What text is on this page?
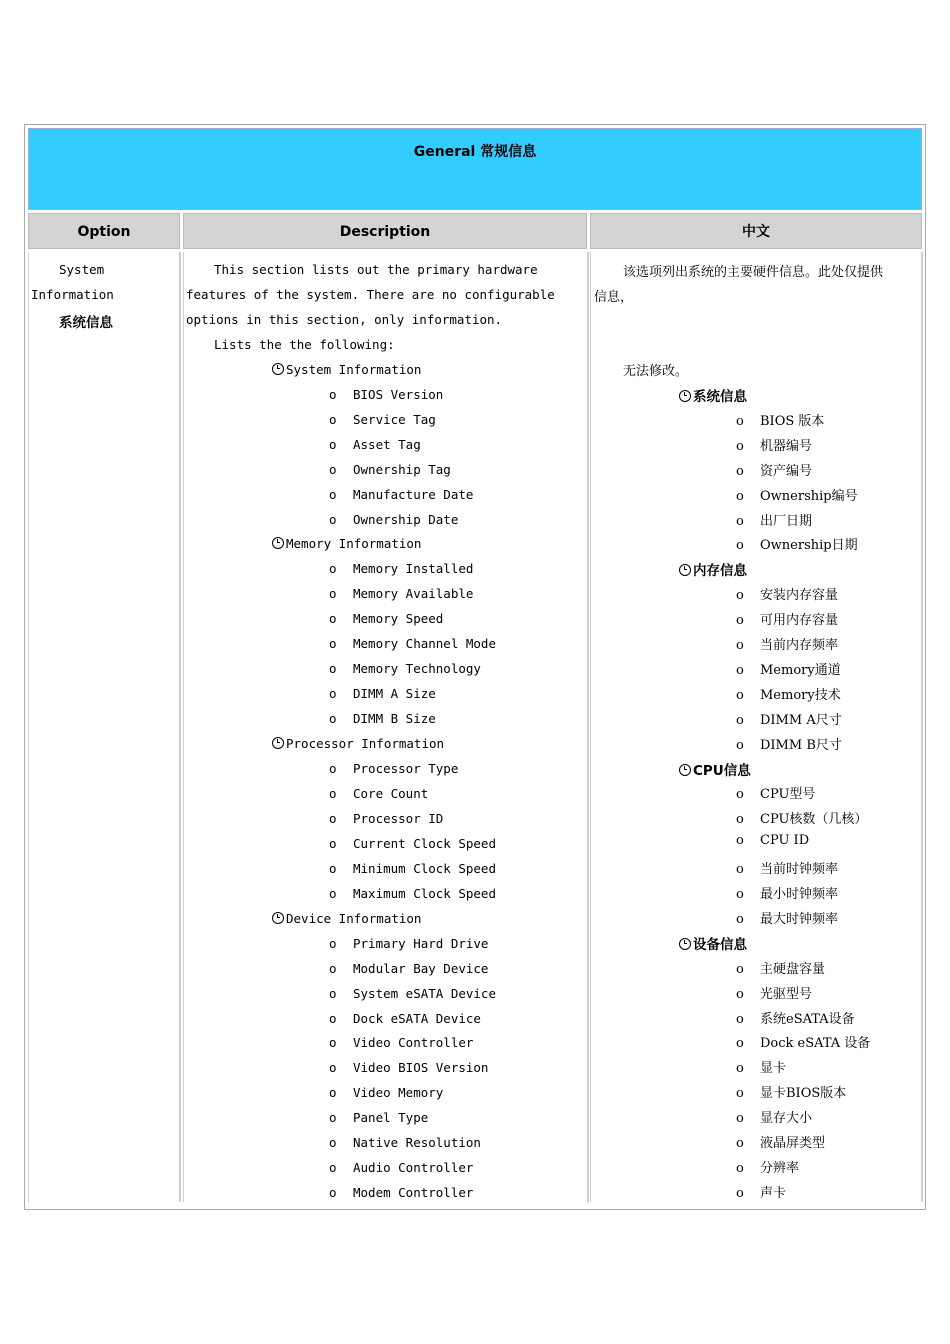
General 常规信息
Option	Description	中文
System
Information
系统信息
This section lists out the primary hardware
features of the system. There are no configurable
options in this section, only information.
Lists the the following:
System Information
o BIOS Version
o Service Tag
o Asset Tag
o Ownership Tag
o Manufacture Date
o Ownership Date
Memory Information
o Memory Installed
o Memory Available
o Memory Speed
o Memory Channel Mode
o Memory Technology
o DIMM A Size
o DIMM B Size
Processor Information
o Processor Type
o Core Count
o Processor ID
o Current Clock Speed
o Minimum Clock Speed
o Maximum Clock Speed
Device Information
o Primary Hard Drive
o Modular Bay Device
o System eSATA Device
o Dock eSATA Device
o Video Controller
o Video BIOS Version
o Video Memory
o Panel Type
o Native Resolution
o Audio Controller
o Modem Controller
该选项列出系统的主要硬件信息。此处仅提供
信息，
无法修改。
系统信息
o BIOS 版本
o 机器编号
o 资产编号
o Ownership编号
o 出厂日期
o Ownership日期
内存信息
o 安装内存容量
o 可用内存容量
o 当前内存频率
o Memory通道
o Memory技术
o DIMM A尺寸
o DIMM B尺寸
CPU信息
o CPU型号
o CPU核数（几核）
o CPU ID
o 当前时钟频率
o 最小时钟频率
o 最大时钟频率
设备信息
o 主硬盘容量
o 光驱型号
o 系统eSATA设备
o Dock eSATA 设备
o 显卡
o 显卡BIOS版本
o 显存大小
o 液晶屏类型
o 分辨率
o 声卡
